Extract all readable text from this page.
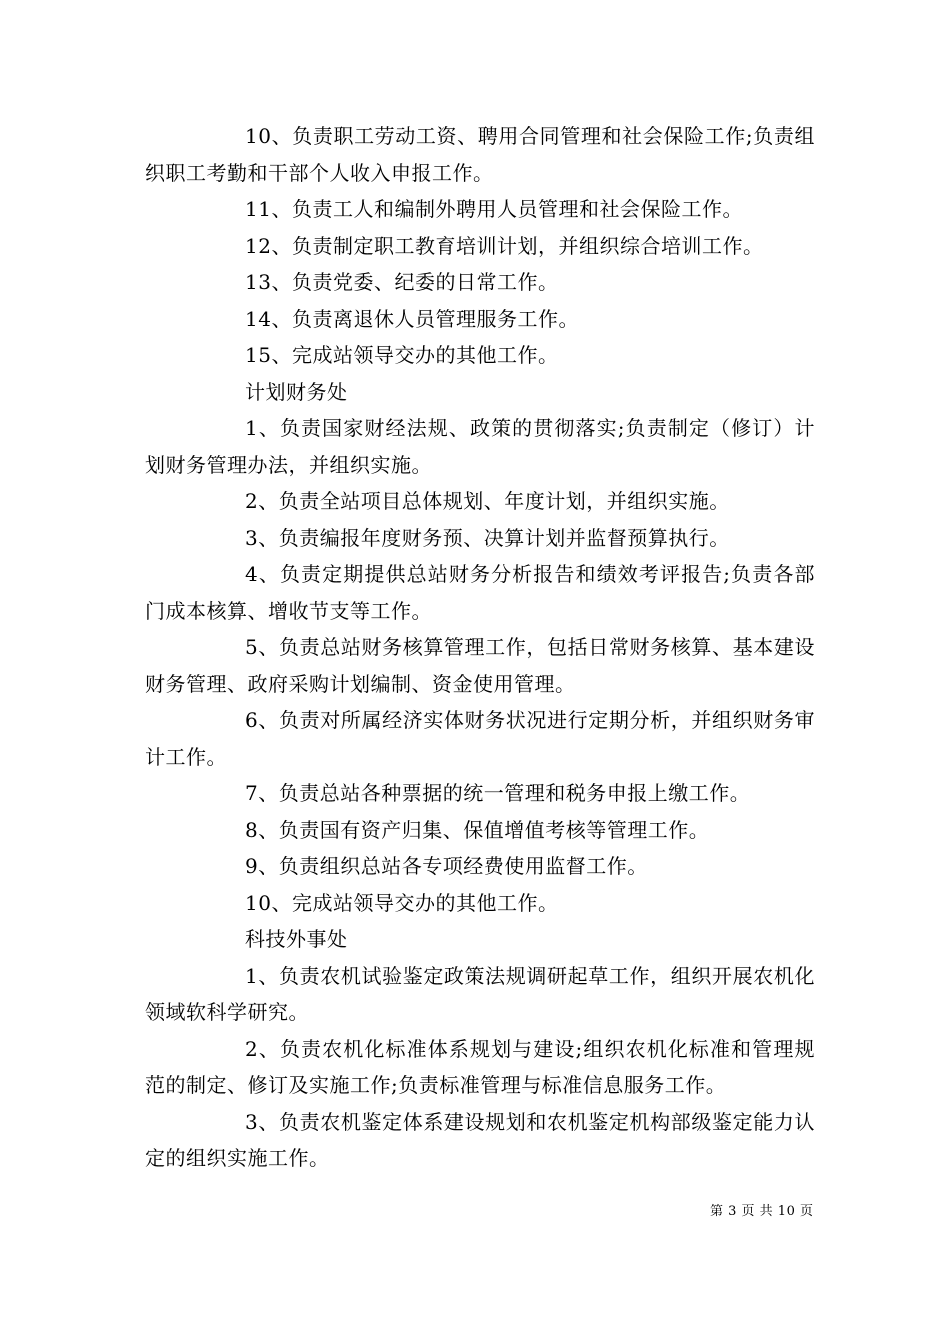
10、负责职工劳动工资、聘用合同管理和社会保险工作;负责组织职工考勤和干部个人收入申报工作。

11、负责工人和编制外聘用人员管理和社会保险工作。

12、负责制定职工教育培训计划，并组织综合培训工作。

13、负责党委、纪委的日常工作。

14、负责离退休人员管理服务工作。

15、完成站领导交办的其他工作。

计划财务处

1、负责国家财经法规、政策的贯彻落实;负责制定（修订）计划财务管理办法，并组织实施。

2、负责全站项目总体规划、年度计划，并组织实施。

3、负责编报年度财务预、决算计划并监督预算执行。

4、负责定期提供总站财务分析报告和绩效考评报告;负责各部门成本核算、增收节支等工作。

5、负责总站财务核算管理工作，包括日常财务核算、基本建设财务管理、政府采购计划编制、资金使用管理。

6、负责对所属经济实体财务状况进行定期分析，并组织财务审计工作。

7、负责总站各种票据的统一管理和税务申报上缴工作。

8、负责国有资产归集、保值增值考核等管理工作。

9、负责组织总站各专项经费使用监督工作。

10、完成站领导交办的其他工作。

科技外事处

1、负责农机试验鉴定政策法规调研起草工作，组织开展农机化领域软科学研究。

2、负责农机化标准体系规划与建设;组织农机化标准和管理规范的制定、修订及实施工作;负责标准管理与标准信息服务工作。

3、负责农机鉴定体系建设规划和农机鉴定机构部级鉴定能力认定的组织实施工作。

第 3 页 共 10 页
